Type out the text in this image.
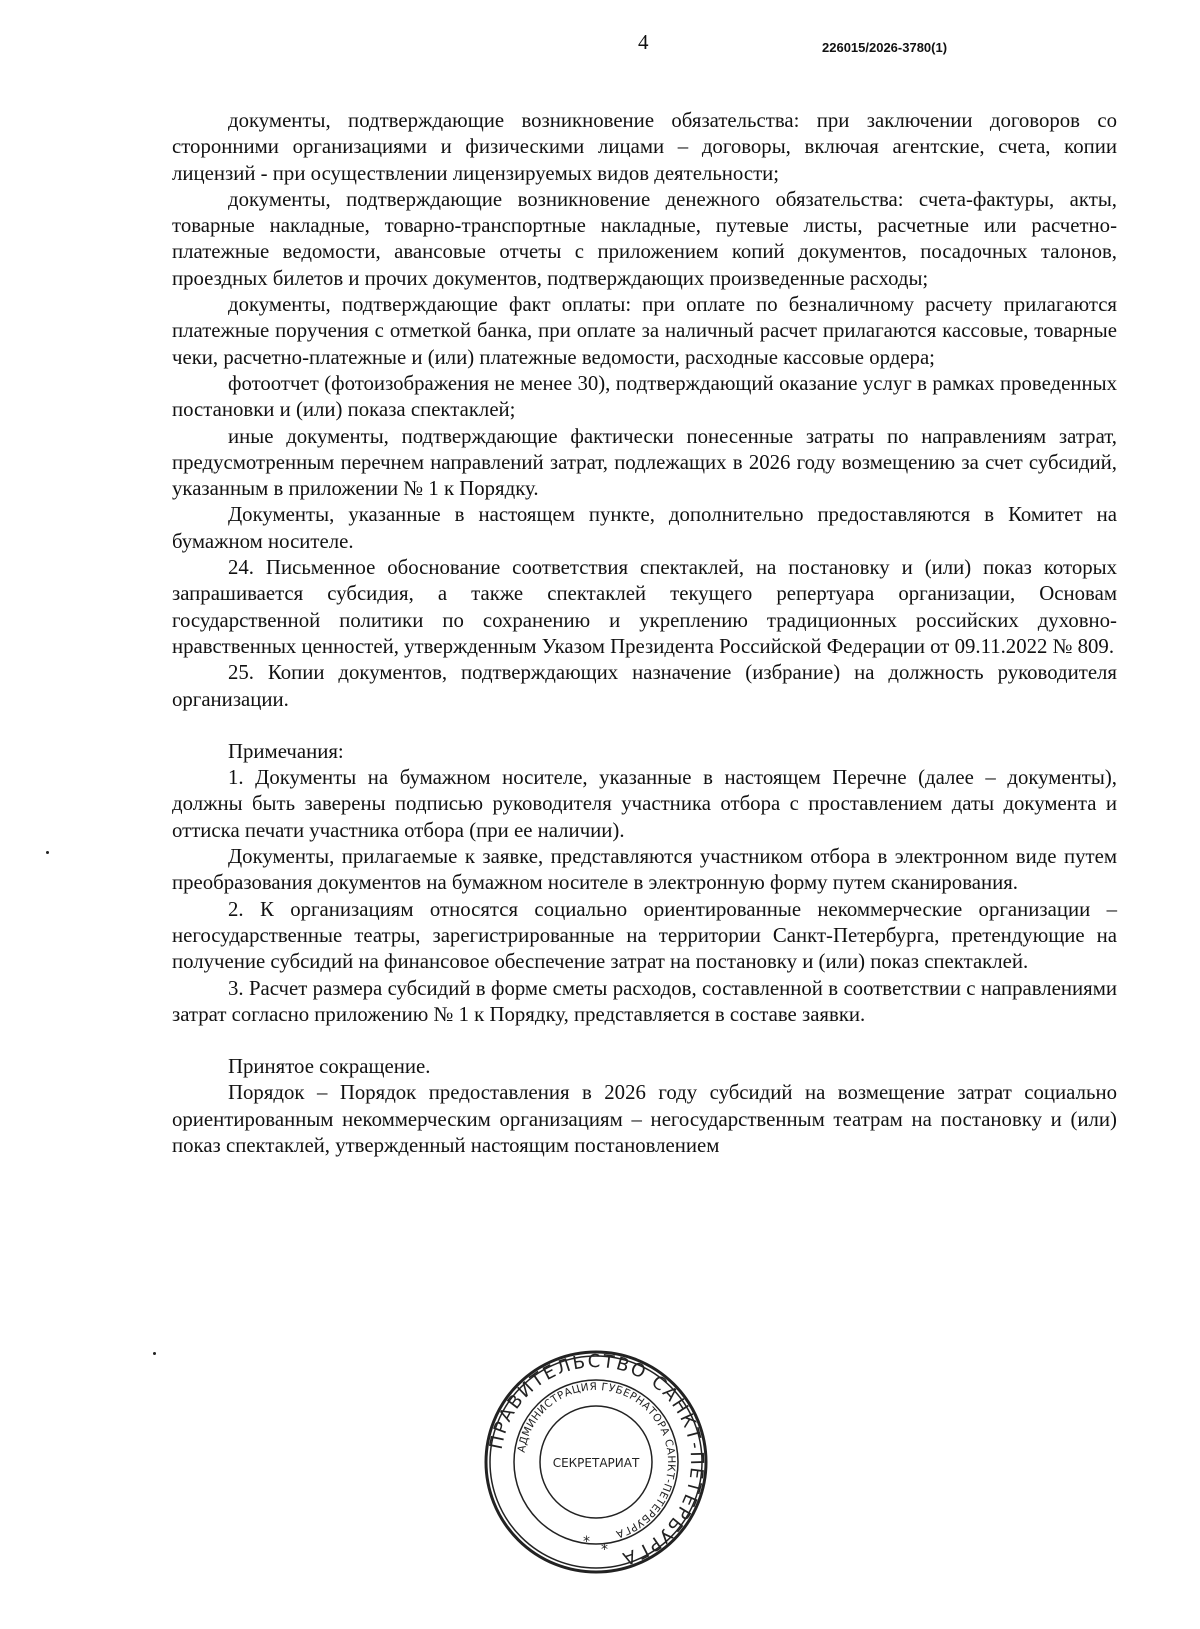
4	226015/2026-3780(1)

документы, подтверждающие возникновение обязательства: при заключении договоров со сторонними организациями и физическими лицами – договоры, включая агентские, счета, копии лицензий - при осуществлении лицензируемых видов деятельности;

документы, подтверждающие возникновение денежного обязательства: счета-фактуры, акты, товарные накладные, товарно-транспортные накладные, путевые листы, расчетные или расчетно-платежные ведомости, авансовые отчеты с приложением копий документов, посадочных талонов, проездных билетов и прочих документов, подтверждающих произведенные расходы;

документы, подтверждающие факт оплаты: при оплате по безналичному расчету прилагаются платежные поручения с отметкой банка, при оплате за наличный расчет прилагаются кассовые, товарные чеки, расчетно-платежные и (или) платежные ведомости, расходные кассовые ордера;

фотоотчет (фотоизображения не менее 30), подтверждающий оказание услуг в рамках проведенных постановки и (или) показа спектаклей;

иные документы, подтверждающие фактически понесенные затраты по направлениям затрат, предусмотренным перечнем направлений затрат, подлежащих в 2026 году возмещению за счет субсидий, указанным в приложении № 1 к Порядку.

Документы, указанные в настоящем пункте, дополнительно предоставляются в Комитет на бумажном носителе.

24. Письменное обоснование соответствия спектаклей, на постановку и (или) показ которых запрашивается субсидия, а также спектаклей текущего репертуара организации, Основам государственной политики по сохранению и укреплению традиционных российских духовно-нравственных ценностей, утвержденным Указом Президента Российской Федерации от 09.11.2022 № 809.

25. Копии документов, подтверждающих назначение (избрание) на должность руководителя организации.

Примечания:

1. Документы на бумажном носителе, указанные в настоящем Перечне (далее – документы), должны быть заверены подписью руководителя участника отбора с проставлением даты документа и оттиска печати участника отбора (при ее наличии).

Документы, прилагаемые к заявке, представляются участником отбора в электронном виде путем преобразования документов на бумажном носителе в электронную форму путем сканирования.

2. К организациям относятся социально ориентированные некоммерческие организации – негосударственные театры, зарегистрированные на территории Санкт-Петербурга, претендующие на получение субсидий на финансовое обеспечение затрат на постановку и (или) показ спектаклей.

3. Расчет размера субсидий в форме сметы расходов, составленной в соответствии с направлениями затрат согласно приложению № 1 к Порядку, представляется в составе заявки.

Принятое сокращение.

Порядок – Порядок предоставления в 2026 году субсидий на возмещение затрат социально ориентированным некоммерческим организациям – негосударственным театрам на постановку и (или) показ спектаклей, утвержденный настоящим постановлением

ПРАВИТЕЛЬСТВО САНКТ-ПЕТЕРБУРГА
АДМИНИСТРАЦИЯ ГУБЕРНАТОРА САНКТ-ПЕТЕРБУРГА
СЕКРЕТАРИАТ
* *
